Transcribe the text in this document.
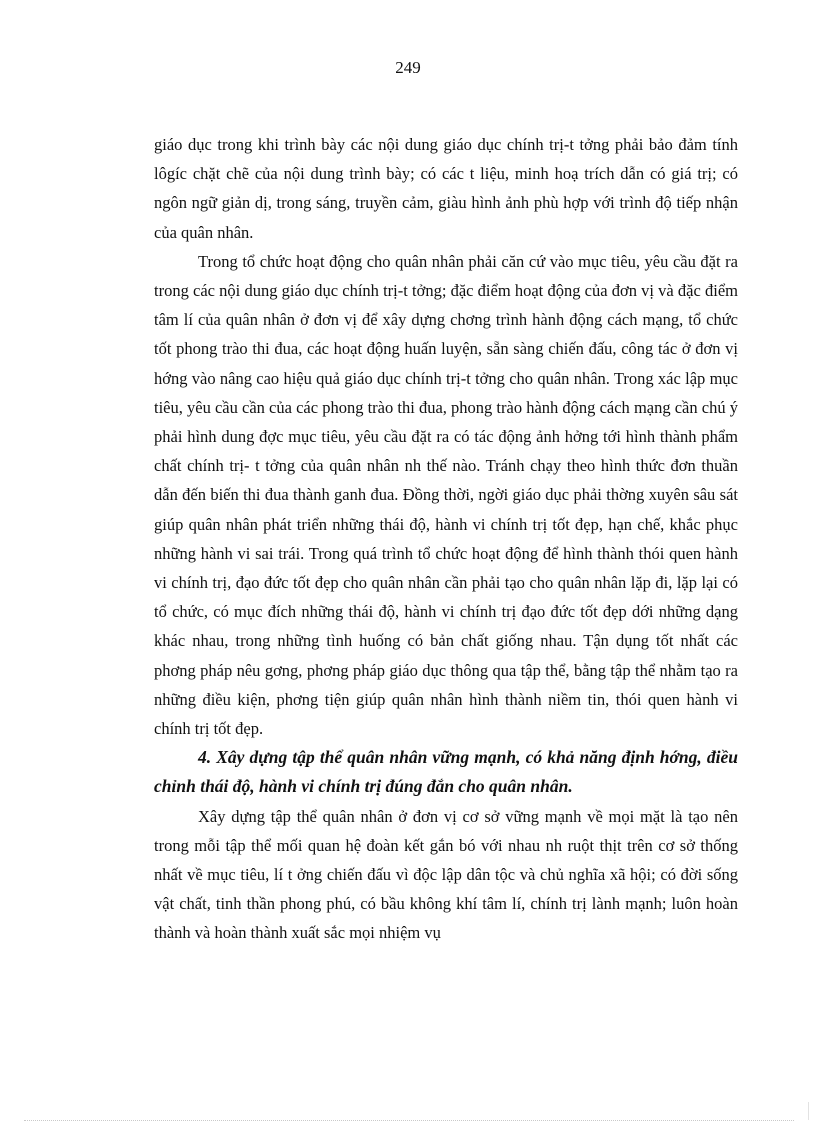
249

giáo dục trong khi trình bày các nội dung giáo dục chính trị-t tởng phải bảo đảm tính lôgíc chặt chẽ của nội dung trình bày; có các t liệu, minh hoạ trích dẫn có giá trị; có ngôn ngữ giản dị, trong sáng, truyền cảm, giàu hình ảnh phù hợp với trình độ tiếp nhận của quân nhân.

Trong tổ chức hoạt động cho quân nhân phải căn cứ vào mục tiêu, yêu cầu đặt ra trong các nội dung giáo dục chính trị-t tởng; đặc điểm hoạt động của đơn vị và đặc điểm tâm lí của quân nhân ở đơn vị để xây dựng chơng trình hành động cách mạng, tổ chức tốt phong trào thi đua, các hoạt động huấn luyện, sẵn sàng chiến đấu, công tác ở đơn vị hớng vào nâng cao hiệu quả giáo dục chính trị-t tởng cho quân nhân. Trong xác lập mục tiêu, yêu cầu cần của các phong trào thi đua, phong trào hành động cách mạng cần chú ý phải hình dung đợc mục tiêu, yêu cầu đặt ra có tác động ảnh hởng tới hình thành phẩm chất chính trị- t tởng của quân nhân nh thế nào. Tránh chạy theo hình thức đơn thuần dẫn đến biến thi đua thành ganh đua. Đồng thời, ngời giáo dục phải thờng xuyên sâu sát giúp quân nhân phát triển những thái độ, hành vi chính trị tốt đẹp, hạn chế, khắc phục những hành vi sai trái. Trong quá trình tổ chức hoạt động để hình thành thói quen hành vi chính trị, đạo đức tốt đẹp cho quân nhân cần phải tạo cho quân nhân lặp đi, lặp lại có tổ chức, có mục đích những thái độ, hành vi chính trị đạo đức tốt đẹp dới những dạng khác nhau, trong những tình huống có bản chất giống nhau. Tận dụng tốt nhất các phơng pháp nêu gơng, phơng pháp giáo dục thông qua tập thể, bằng tập thể nhằm tạo ra những điều kiện, phơng tiện giúp quân nhân hình thành niềm tin, thói quen hành vi chính trị tốt đẹp.

4. Xây dựng tập thể quân nhân vững mạnh, có khả năng định hớng, điều chỉnh thái độ, hành vi chính trị đúng đắn cho quân nhân.

Xây dựng tập thể quân nhân ở đơn vị cơ sở vững mạnh về mọi mặt là tạo nên trong mỗi tập thể mối quan hệ đoàn kết gắn bó với nhau nh ruột thịt trên cơ sở thống nhất về mục tiêu, lí t ởng chiến đấu vì độc lập dân tộc và chủ nghĩa xã hội; có đời sống vật chất, tinh thần phong phú, có bầu không khí tâm lí, chính trị lành mạnh; luôn hoàn thành và hoàn thành xuất sắc mọi nhiệm vụ
